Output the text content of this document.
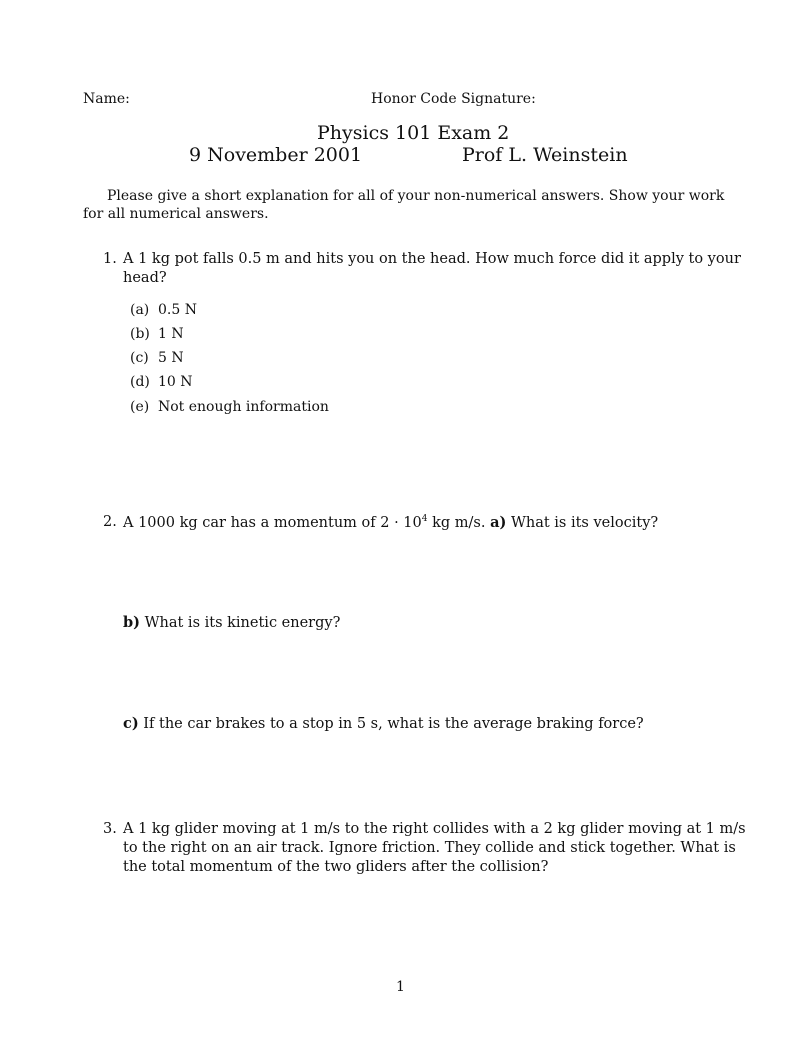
Name:	Honor Code Signature:
Physics 101 Exam 2
9 November 2001	Prof L. Weinstein
Please give a short explanation for all of your non-numerical answers. Show your work
for all numerical answers.
1. A 1 kg pot falls 0.5 m and hits you on the head. How much force did it apply to your
head?
(a) 0.5 N
(b) 1 N
(c) 5 N
(d) 10 N
(e) Not enough information
2. A 1000 kg car has a momentum of $2 \cdot 10^4$ kg m/s. a) What is its velocity?
b) What is its kinetic energy?
c) If the car brakes to a stop in 5 s, what is the average braking force?
3. A 1 kg glider moving at 1 m/s to the right collides with a 2 kg glider moving at 1 m/s
to the right on an air track. Ignore friction. They collide and stick together. What is
the total momentum of the two gliders after the collision?
1
